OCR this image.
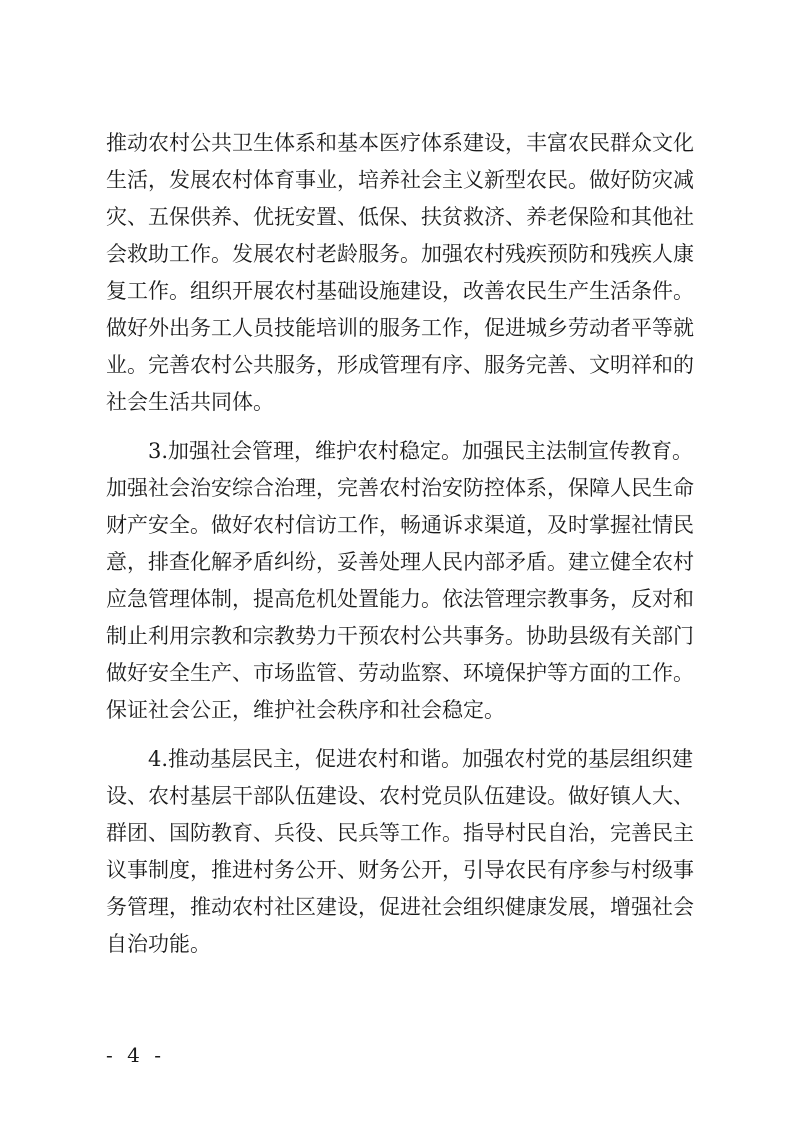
推动农村公共卫生体系和基本医疗体系建设，丰富农民群众文化
生活，发展农村体育事业，培养社会主义新型农民。做好防灾减
灾、五保供养、优抚安置、低保、扶贫救济、养老保险和其他社
会救助工作。发展农村老龄服务。加强农村残疾预防和残疾人康
复工作。组织开展农村基础设施建设，改善农民生产生活条件。
做好外出务工人员技能培训的服务工作，促进城乡劳动者平等就
业。完善农村公共服务，形成管理有序、服务完善、文明祥和的
社会生活共同体。
　　3.加强社会管理，维护农村稳定。加强民主法制宣传教育。
加强社会治安综合治理，完善农村治安防控体系，保障人民生命
财产安全。做好农村信访工作，畅通诉求渠道，及时掌握社情民
意，排查化解矛盾纠纷，妥善处理人民内部矛盾。建立健全农村
应急管理体制，提高危机处置能力。依法管理宗教事务，反对和
制止利用宗教和宗教势力干预农村公共事务。协助县级有关部门
做好安全生产、市场监管、劳动监察、环境保护等方面的工作。
保证社会公正，维护社会秩序和社会稳定。
　　4.推动基层民主，促进农村和谐。加强农村党的基层组织建
设、农村基层干部队伍建设、农村党员队伍建设。做好镇人大、
群团、国防教育、兵役、民兵等工作。指导村民自治，完善民主
议事制度，推进村务公开、财务公开，引导农民有序参与村级事
务管理，推动农村社区建设，促进社会组织健康发展，增强社会
自治功能。
- 4 -
